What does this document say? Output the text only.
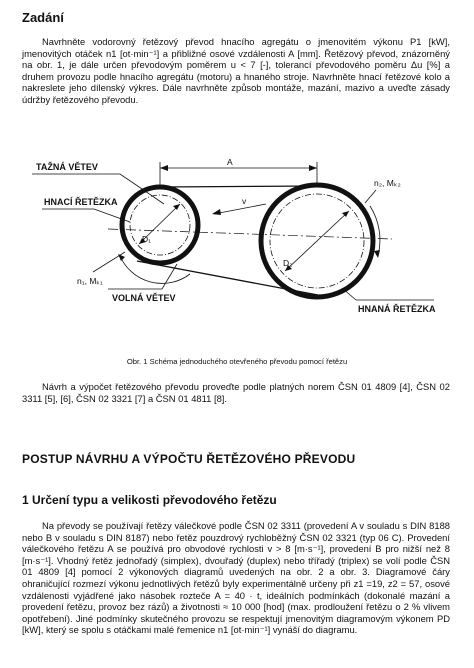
Zadání

Navrhněte vodorovný řetězový převod hnacího agregátu o jmenovitém výkonu P1 [kW], jmenovitých otáček n1 [ot·min⁻¹] a přibližné osové vzdálenosti A [mm]. Řetězový převod, znázorněný na obr. 1, je dále určen převodovým poměrem u < 7 [-], tolerancí převodového poměru Δu [%] a druhem provozu podle hnacího agregátu (motoru) a hnaného stroje. Navrhněte hnací řetězové kolo a nakreslete jeho dílenský výkres. Dále navrhněte způsob montáže, mazání, mazivo a uveďte zásady údržby řetězového převodu.

A
v
D₁
D₂
TAŽNÁ VĚTEV
HNACÍ ŘETĚZKA
VOLNÁ VĚTEV
HNANÁ ŘETĚZKA
n₁, Mₖ₁
n₂, Mₖ₂
Obr. 1 Schéma jednoduchého otevřeného převodu pomocí řetězu

Návrh a výpočet řetězového převodu proveďte podle platných norem ČSN 01 4809 [4], ČSN 02 3311 [5], [6], ČSN 02 3321 [7] a ČSN 01 4811 [8].

POSTUP NÁVRHU A VÝPOČTU ŘETĚZOVÉHO PŘEVODU
1 Určení typu a velikosti převodového řetězu

Na převody se používají řetězy válečkové podle ČSN 02 3311 (provedení A v souladu s DIN 8188 nebo B v souladu s DIN 8187) nebo řetěz pouzdrový rychloběžný ČSN 02 3321 (typ 06 C). Provedení válečkového řetězu A se používá pro obvodové rychlosti v > 8 [m·s⁻¹], provedení B pro nižší než 8 [m·s⁻¹]. Vhodný řetěz jednořadý (simplex), dvouřadý (duplex) nebo třířadý (triplex) se volí podle ČSN 01 4809 [4] pomocí 2 výkonových diagramů uvedených na obr. 2 a obr. 3. Diagramové čáry ohraničující rozmezí výkonu jednotlivých řetězů byly experimentálně určeny při z1 =19, z2 = 57, osové vzdálenosti vyjádřené jako násobek rozteče A = 40 · t, ideálních podmínkách (dokonalé mazání a provedení řetězu, provoz bez rázů) a životnosti ≈ 10 000 [hod] (max. prodloužení řetězu o 2 % vlivem opotřebení). Jiné podmínky skutečného provozu se respektují jmenovitým diagramovým výkonem PD [kW], který se spolu s otáčkami malé řemenice n1 [ot·min⁻¹] vynáší do diagramu.
